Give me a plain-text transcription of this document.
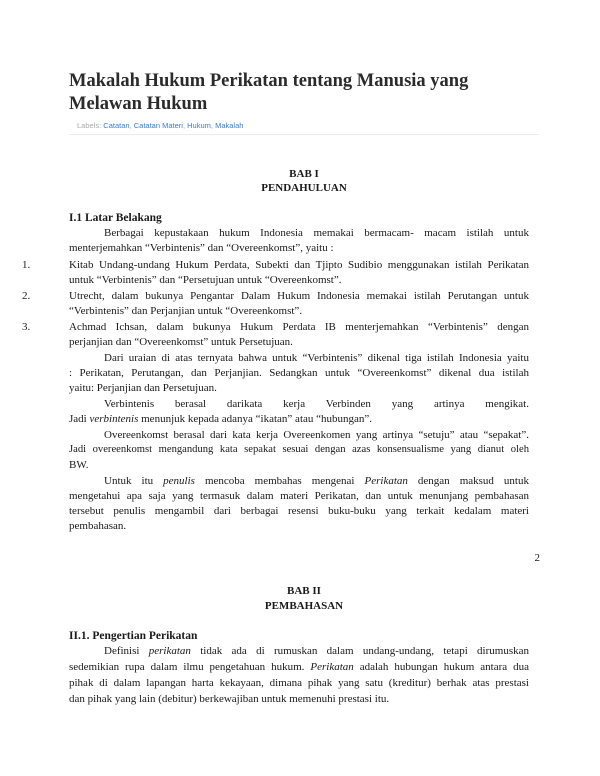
Makalah Hukum Perikatan tentang Manusia yang Melawan Hukum
Labels: Catatan, Catatan Materi, Hukum, Makalah
BAB I
PENDAHULUAN
I.1 Latar Belakang
Berbagai kepustakaan hukum Indonesia memakai bermacam- macam istilah untuk
menterjemahkan “Verbintenis” dan “Overeenkomst”, yaitu :
1.	Kitab Undang-undang Hukum Perdata, Subekti dan Tjipto Sudibio menggunakan istilah Perikatan
untuk “Verbintenis” dan “Persetujuan untuk “Overeenkomst”.
2.	Utrecht, dalam bukunya Pengantar Dalam Hukum Indonesia memakai istilah Perutangan untuk
“Verbintenis” dan Perjanjian untuk “Overeenkomst”.
3.	Achmad Ichsan, dalam bukunya Hukum Perdata IB menterjemahkan “Verbintenis” dengan
perjanjian dan “Overeenkomst” untuk Persetujuan.
Dari uraian di atas ternyata bahwa untuk “Verbintenis” dikenal tiga istilah Indonesia yaitu
: Perikatan, Perutangan, dan Perjanjian. Sedangkan untuk “Overeenkomst” dikenal dua istilah
yaitu: Perjanjian dan Persetujuan.
Verbintenis berasal darikata kerja Verbinden yang artinya mengikat.
Jadi verbintenis menunjuk kepada adanya “ikatan” atau “hubungan”.
Overeenkomst berasal dari kata kerja Overeenkomen yang artinya “setuju” atau “sepakat”.
Jadi overeenkomst mengandung kata sepakat sesuai dengan azas konsensualisme yang dianut oleh
BW.
Untuk itu penulis mencoba membahas mengenai Perikatan dengan maksud untuk
mengetahui apa saja yang termasuk dalam materi Perikatan, dan untuk menunjang pembahasan
tersebut penulis mengambil dari berbagai resensi buku-buku yang terkait kedalam materi
pembahasan.
2
BAB II
PEMBAHASAN
II.1. Pengertian Perikatan
Definisi perikatan tidak ada di rumuskan dalam undang-undang, tetapi dirumuskan
sedemikian rupa dalam ilmu pengetahuan hukum. Perikatan adalah hubungan hukum antara dua
pihak di dalam lapangan harta kekayaan, dimana pihak yang satu (kreditur) berhak atas prestasi
dan pihak yang lain (debitur) berkewajiban untuk memenuhi prestasi itu.
